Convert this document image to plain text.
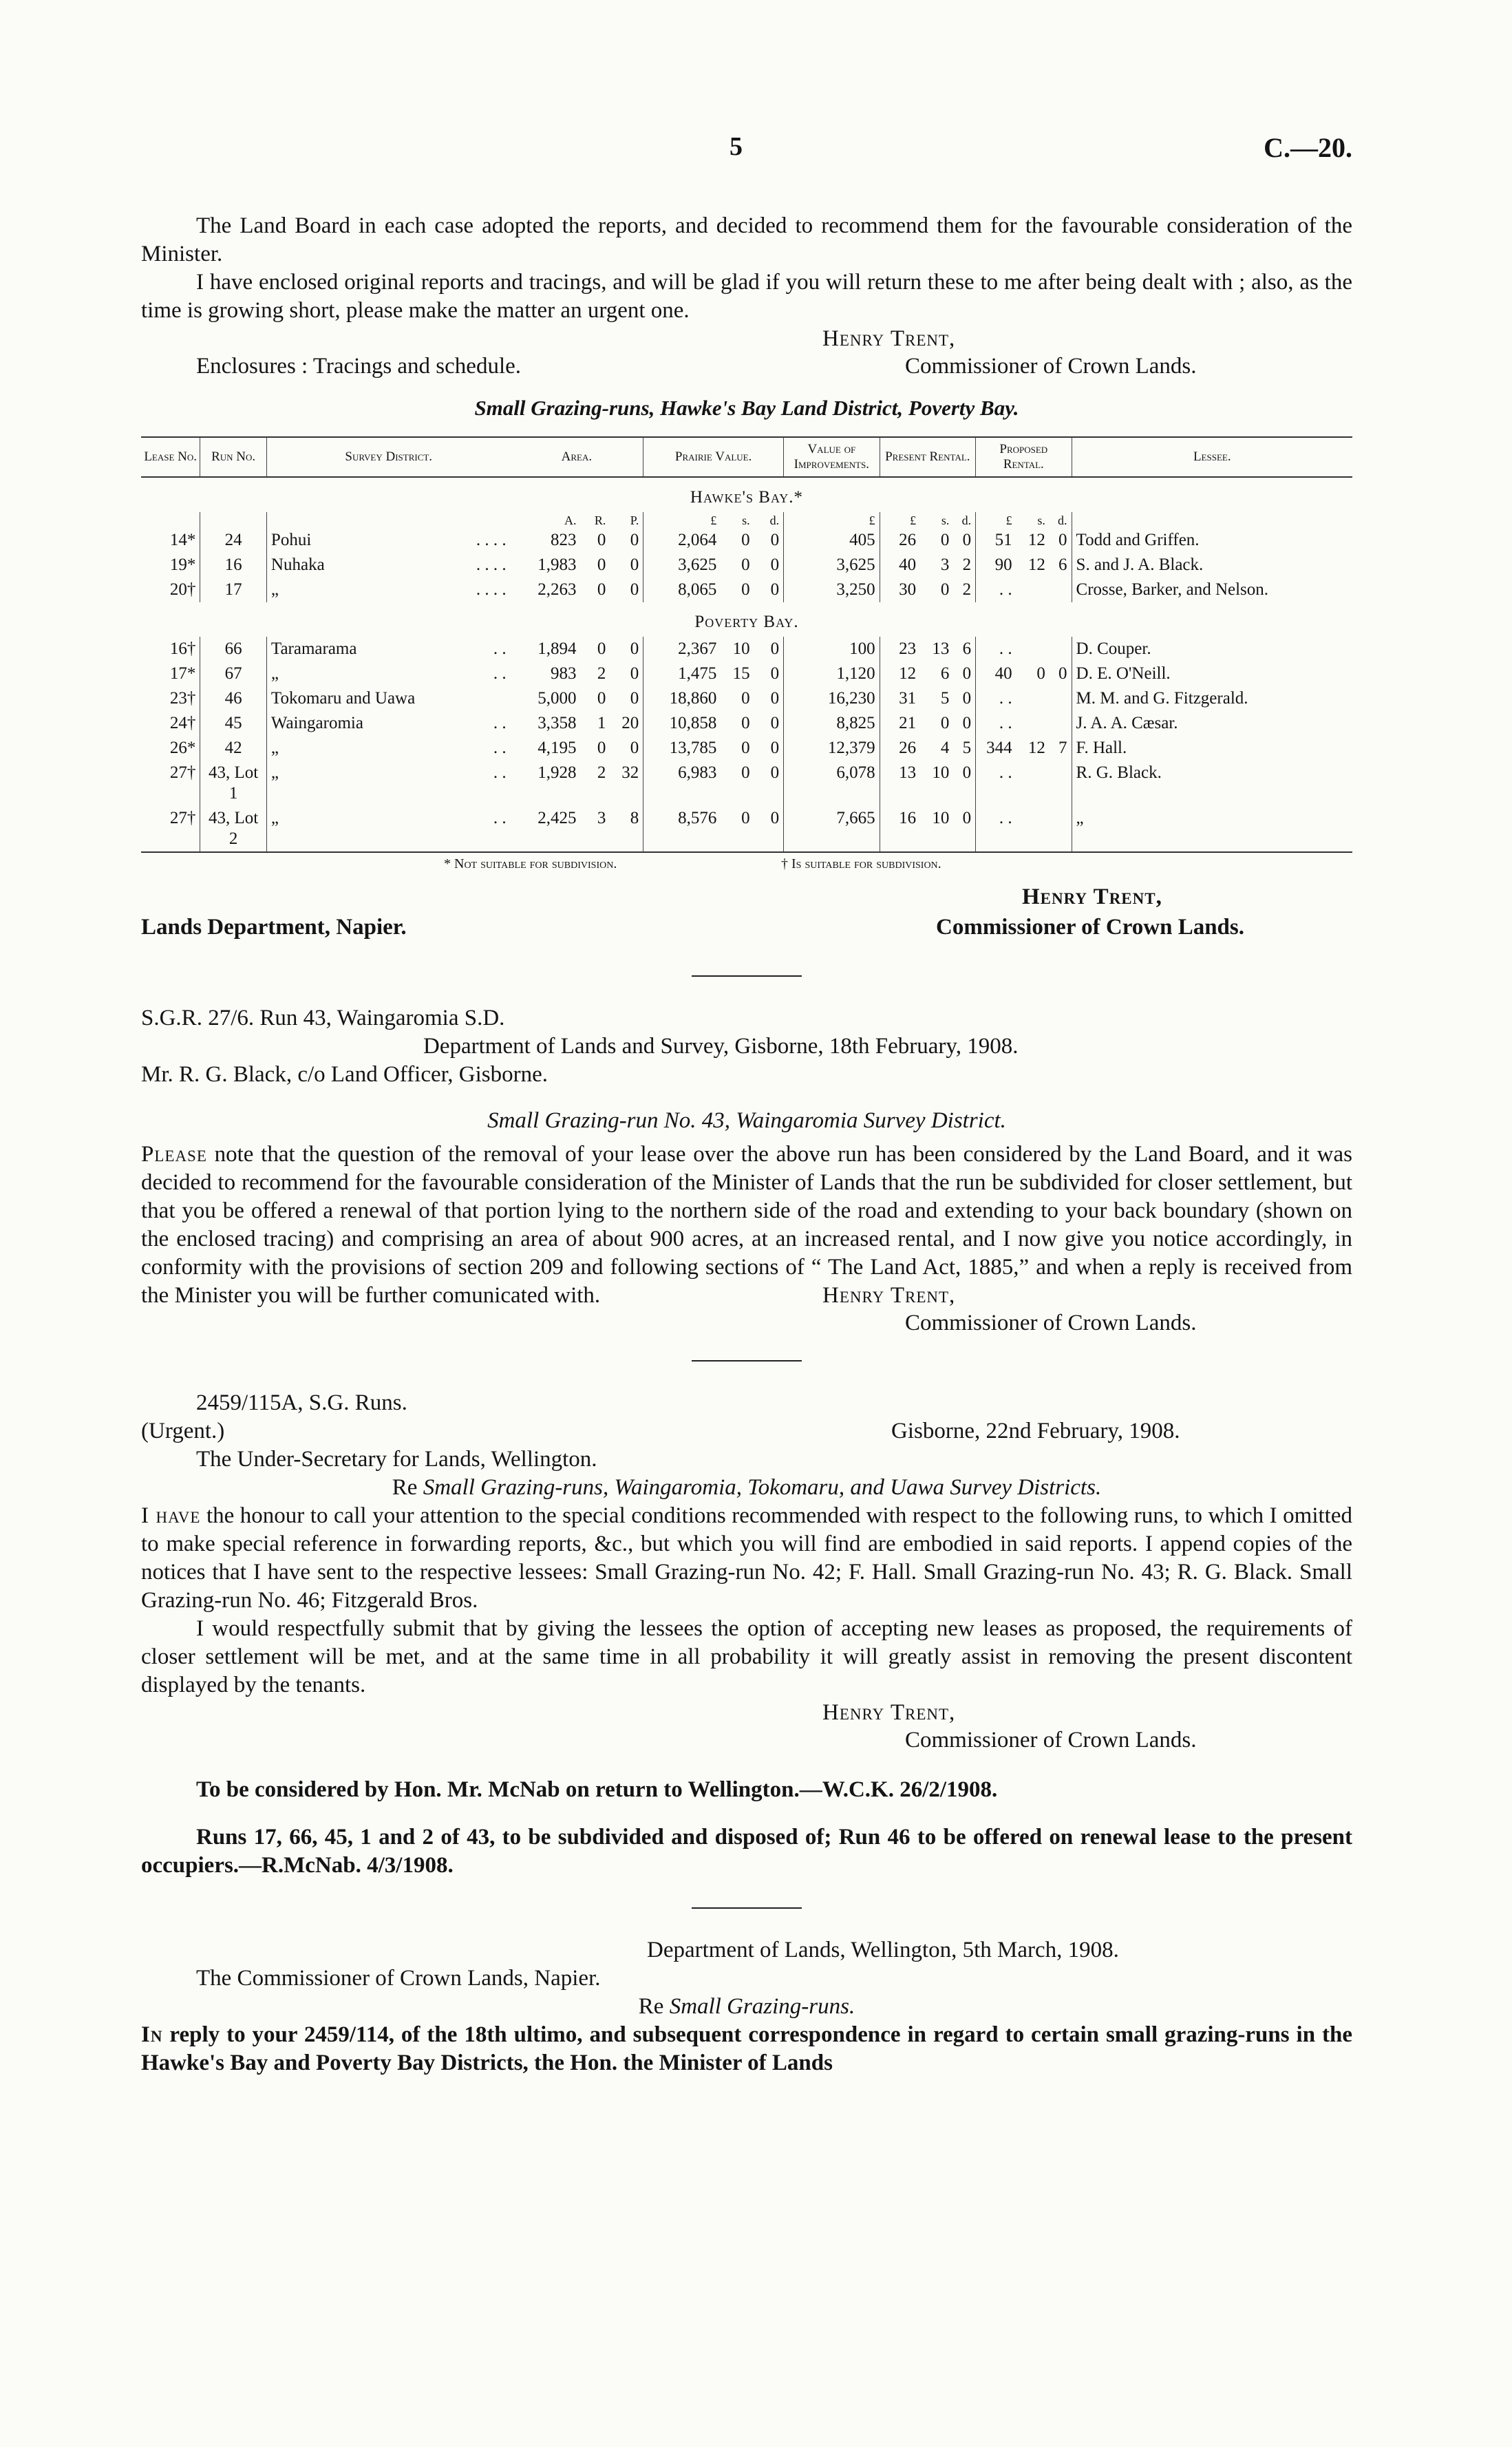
5	C.—20.

The Land Board in each case adopted the reports, and decided to recommend them for the favourable consideration of the Minister.

I have enclosed original reports and tracings, and will be glad if you will return these to me after being dealt with ; also, as the time is growing short, please make the matter an urgent one.

Henry Trent,
Enclosures : Tracings and schedule.	Commissioner of Crown Lands.
Small Grazing-runs, Hawke's Bay Land District, Poverty Bay.
Lease No.	Run No.	Survey District.	Area.			Prairie Value.			Value of Improvements.	Present Rental.			Proposed Rental.			Lessee.
Hawke's Bay.*																
			A.	R.	P.	£	s.	d.	£	£	s.	d.	£	s.	d.	
14*	24	Pohui . . . .	823	0	0	2,064	0	0	405	26	0	0	51	12	0	Todd and Griffen.
19*	16	Nuhaka . . . .	1,983	0	0	3,625	0	0	3,625	40	3	2	90	12	6	S. and J. A. Black.
20†	17	„ . . . .	2,263	0	0	8,065	0	0	3,250	30	0	2	. .			Crosse, Barker, and Nelson.
Poverty Bay.																
16†	66	Taramarama . .	1,894	0	0	2,367	10	0	100	23	13	6	. .			D. Couper.
17*	67	„ . .	983	2	0	1,475	15	0	1,120	12	6	0	40	0	0	D. E. O'Neill.
23†	46	Tokomaru and Uawa	5,000	0	0	18,860	0	0	16,230	31	5	0	. .			M. M. and G. Fitzgerald.
24†	45	Waingaromia . .	3,358	1	20	10,858	0	0	8,825	21	0	0	. .			J. A. A. Cæsar.
26*	42	„ . .	4,195	0	0	13,785	0	0	12,379	26	4	5	344	12	7	F. Hall.
27†	43, Lot 1	„ . .	1,928	2	32	6,983	0	0	6,078	13	10	0	. .			R. G. Black.
27†	43, Lot 2	„ . .	2,425	3	8	8,576	0	0	7,665	16	10	0	. .			„
* Not suitable for subdivision.	† Is suitable for subdivision.
Henry Trent,
Lands Department, Napier.	Commissioner of Crown Lands.

S.G.R. 27/6. Run 43, Waingaromia S.D.

Department of Lands and Survey, Gisborne, 18th February, 1908.

Mr. R. G. Black, c/o Land Officer, Gisborne.

Small Grazing-run No. 43, Waingaromia Survey District.

Please note that the question of the removal of your lease over the above run has been considered by the Land Board, and it was decided to recommend for the favourable consideration of the Minister of Lands that the run be subdivided for closer settlement, but that you be offered a renewal of that portion lying to the northern side of the road and extending to your back boundary (shown on the enclosed tracing) and comprising an area of about 900 acres, at an increased rental, and I now give you notice accordingly, in conformity with the provisions of section 209 and following sections of “ The Land Act, 1885,” and when a reply is received from the Minister you will be further comunicated with.	Henry Trent,
Commissioner of Crown Lands.

2459/115A, S.G. Runs.

(Urgent.)	Gisborne, 22nd February, 1908.

The Under-Secretary for Lands, Wellington.

Re Small Grazing-runs, Waingaromia, Tokomaru, and Uawa Survey Districts.

I have the honour to call your attention to the special conditions recommended with respect to the following runs, to which I omitted to make special reference in forwarding reports, &c., but which you will find are embodied in said reports. I append copies of the notices that I have sent to the respective lessees: Small Grazing-run No. 42; F. Hall. Small Grazing-run No. 43; R. G. Black. Small Grazing-run No. 46; Fitzgerald Bros.

I would respectfully submit that by giving the lessees the option of accepting new leases as proposed, the requirements of closer settlement will be met, and at the same time in all probability it will greatly assist in removing the present discontent displayed by the tenants.

Henry Trent,
Commissioner of Crown Lands.

To be considered by Hon. Mr. McNab on return to Wellington.—W.C.K. 26/2/1908.

Runs 17, 66, 45, 1 and 2 of 43, to be subdivided and disposed of; Run 46 to be offered on renewal lease to the present occupiers.—R.McNab. 4/3/1908.

Department of Lands, Wellington, 5th March, 1908.

The Commissioner of Crown Lands, Napier.

Re Small Grazing-runs.

In reply to your 2459/114, of the 18th ultimo, and subsequent correspondence in regard to certain small grazing-runs in the Hawke's Bay and Poverty Bay Districts, the Hon. the Minister of Lands
